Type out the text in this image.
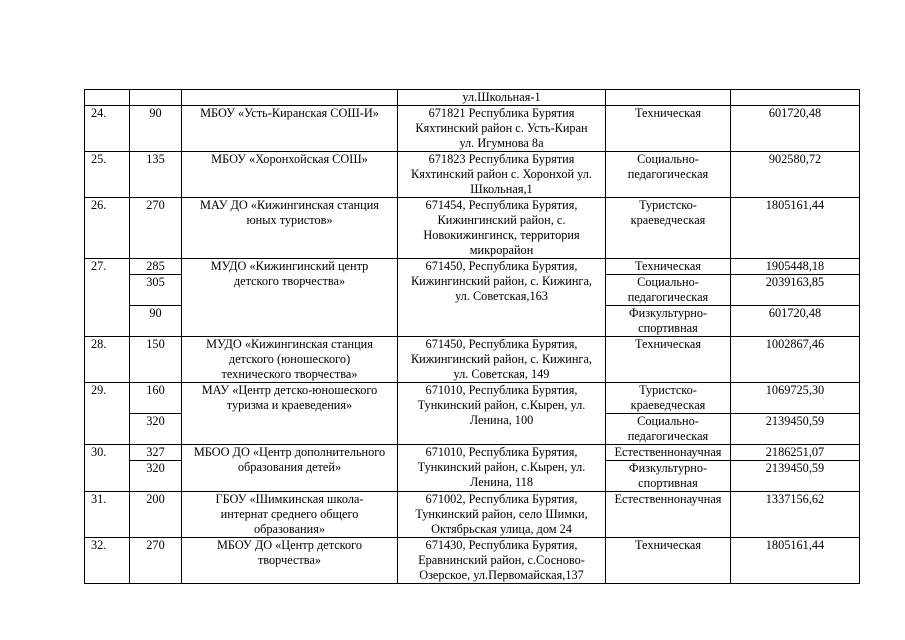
			ул.Школьная-1		

24.	90	МБОУ «Усть-Киранская СОШ-И»	671821 Республика Бурятия
Кяхтинский район с. Усть-Киран
ул. Игумнова 8а	Техническая	601720,48
25.	135	МБОУ «Хоронхойская СОШ»	671823 Республика Бурятия
Кяхтинский район с. Хоронхой ул.
Школьная,1	Социально-
педагогическая	902580,72
26.	270	МАУ ДО «Кижингинская станция
юных туристов»	671454, Республика Бурятия,
Кижингинский район, с.
Новокижингинск, территория
микрорайон	Туристско-
краеведческая	1805161,44
27.	285	МУДО «Кижингинский центр
детского творчества»	671450, Республика Бурятия,
Кижингинский район, с. Кижинга,
ул. Советская,163	Техническая	1905448,18
	305			Социально-
педагогическая	2039163,85
	90			Физкультурно-
спортивная	601720,48
28.	150	МУДО «Кижингинская станция
детского (юношеского)
технического творчества»	671450, Республика Бурятия,
Кижингинский район, с. Кижинга,
ул. Советская, 149	Техническая	1002867,46
29.	160	МАУ «Центр детско-юношеского
туризма и краеведения»	671010, Республика Бурятия,
Тункинский район, с.Кырен, ул.
Ленина, 100	Туристско-
краеведческая	1069725,30
	320			Социально-
педагогическая	2139450,59
30.	327	МБОО ДО «Центр дополнительного
образования детей»	671010, Республика Бурятия,
Тункинский район, с.Кырен, ул.
Ленина, 118	Естественнонаучная	2186251,07
	320			Физкультурно-
спортивная	2139450,59
31.	200	ГБОУ «Шимкинская школа-
интернат среднего общего
образования»	671002, Республика Бурятия,
Тункинский район, село Шимки,
Октябрьская улица, дом 24	Естественнонаучная	1337156,62
32.	270	МБОУ ДО «Центр детского
творчества»	671430, Республика Бурятия,
Еравнинский район, с.Сосново-
Озерское, ул.Первомайская,137	Техническая	1805161,44
